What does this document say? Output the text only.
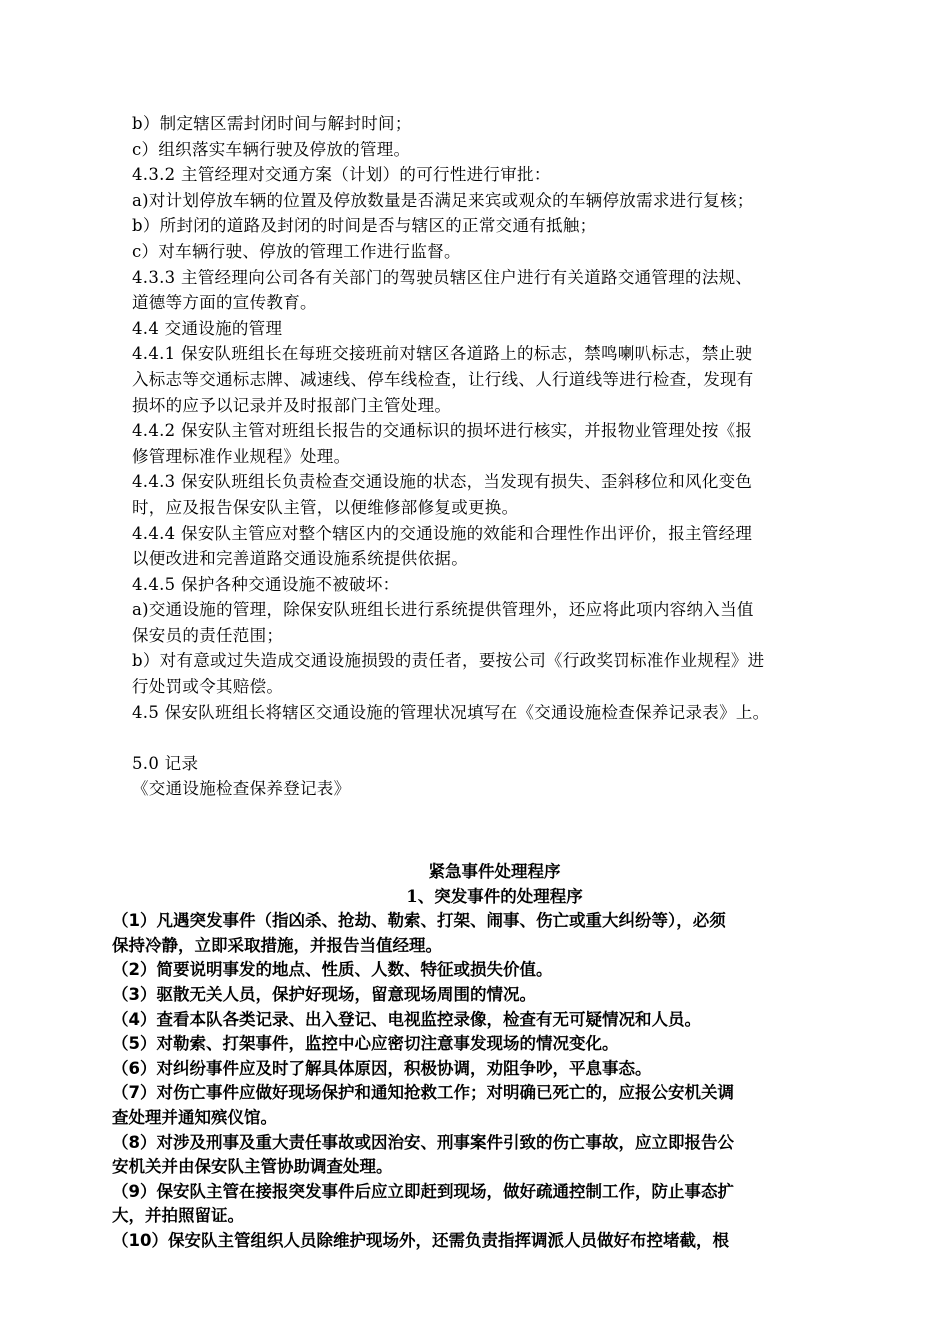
b）制定辖区需封闭时间与解封时间；

c）组织落实车辆行驶及停放的管理。

4.3.2 主管经理对交通方案（计划）的可行性进行审批：

a)对计划停放车辆的位置及停放数量是否满足来宾或观众的车辆停放需求进行复核；

b）所封闭的道路及封闭的时间是否与辖区的正常交通有抵触；

c）对车辆行驶、停放的管理工作进行监督。

4.3.3 主管经理向公司各有关部门的驾驶员辖区住户进行有关道路交通管理的法规、

道德等方面的宣传教育。

4.4 交通设施的管理

4.4.1 保安队班组长在每班交接班前对辖区各道路上的标志，禁鸣喇叭标志，禁止驶

入标志等交通标志牌、减速线、停车线检查，让行线、人行道线等进行检查，发现有

损坏的应予以记录并及时报部门主管处理。

4.4.2 保安队主管对班组长报告的交通标识的损坏进行核实，并报物业管理处按《报

修管理标准作业规程》处理。

4.4.3 保安队班组长负责检查交通设施的状态，当发现有损失、歪斜移位和风化变色

时，应及报告保安队主管，以便维修部修复或更换。

4.4.4 保安队主管应对整个辖区内的交通设施的效能和合理性作出评价，报主管经理

以便改进和完善道路交通设施系统提供依据。

4.4.5 保护各种交通设施不被破坏：

a)交通设施的管理，除保安队班组长进行系统提供管理外，还应将此项内容纳入当值

保安员的责任范围；

b）对有意或过失造成交通设施损毁的责任者，要按公司《行政奖罚标准作业规程》进

行处罚或令其赔偿。

4.5 保安队班组长将辖区交通设施的管理状况填写在《交通设施检查保养记录表》上。

5.0 记录

《交通设施检查保养登记表》

紧急事件处理程序

1、突发事件的处理程序

（1）凡遇突发事件（指凶杀、抢劫、勒索、打架、闹事、伤亡或重大纠纷等），必须

保持冷静，立即采取措施，并报告当值经理。

（2）简要说明事发的地点、性质、人数、特征或损失价值。

（3）驱散无关人员，保护好现场，留意现场周围的情况。

（4）查看本队各类记录、出入登记、电视监控录像，检查有无可疑情况和人员。

（5）对勒索、打架事件，监控中心应密切注意事发现场的情况变化。

（6）对纠纷事件应及时了解具体原因，积极协调，劝阻争吵，平息事态。

（7）对伤亡事件应做好现场保护和通知抢救工作；对明确已死亡的，应报公安机关调

查处理并通知殡仪馆。

（8）对涉及刑事及重大责任事故或因治安、刑事案件引致的伤亡事故，应立即报告公

安机关并由保安队主管协助调查处理。

（9）保安队主管在接报突发事件后应立即赶到现场，做好疏通控制工作，防止事态扩

大，并拍照留证。

（10）保安队主管组织人员除维护现场外，还需负责指挥调派人员做好布控堵截，根
